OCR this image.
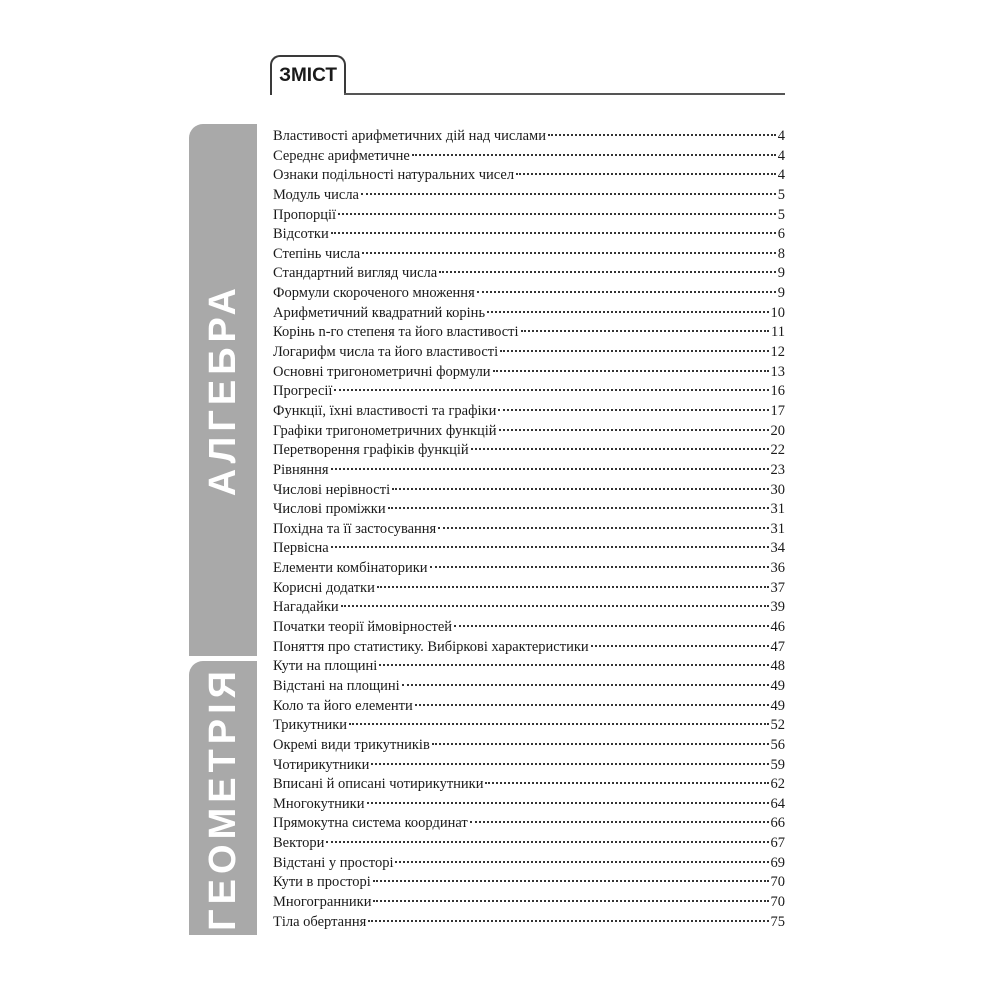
ЗМІСТ
АЛГЕБРА
ГЕОМЕТРІЯ
Властивості арифметичних дій над числами	4
Середнє арифметичне	4
Ознаки подільності натуральних чисел	4
Модуль числа	5
Пропорції	5
Відсотки	6
Степінь числа	8
Стандартний вигляд числа	9
Формули скороченого множення	9
Арифметичний квадратний корінь	10
Корінь n-го степеня та його властивості	11
Логарифм числа та його властивості	12
Основні тригонометричні формули	13
Прогресії	16
Функції, їхні властивості та графіки	17
Графіки тригонометричних функцій	20
Перетворення графіків функцій	22
Рівняння	23
Числові нерівності	30
Числові проміжки	31
Похідна та її застосування	31
Первісна	34
Елементи комбінаторики	36
Корисні додатки	37
Нагадайки	39
Початки теорії ймовірностей	46
Поняття про статистику. Вибіркові характеристики	47
Кути на площині	48
Відстані на площині	49
Коло та його елементи	49
Трикутники	52
Окремі види трикутників	56
Чотирикутники	59
Вписані й описані чотирикутники	62
Многокутники	64
Прямокутна система координат	66
Вектори	67
Відстані у просторі	69
Кути в просторі	70
Многогранники	70
Тіла обертання	75
